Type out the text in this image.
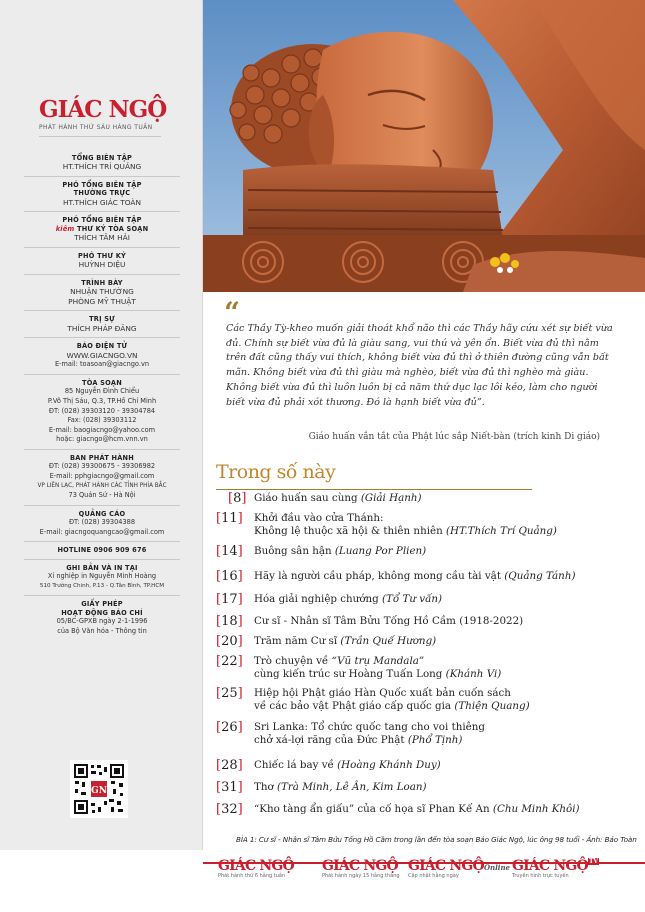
GIÁC NGỘ
PHÁT HÀNH THỨ SÁU HÀNG TUẦN
TỔNG BIÊN TẬP
HT.THÍCH TRÍ QUẢNG
PHÓ TỔNG BIÊN TẬP
THƯỜNG TRỰC
HT.THÍCH GIÁC TOÀN
PHÓ TỔNG BIÊN TẬP
kiêm THƯ KÝ TÒA SOẠN
THÍCH TÂM HẢI
PHÓ THƯ KÝ
HUỲNH DIỆU
TRÌNH BÀY
NHUẬN THƯỜNG
PHÒNG MỸ THUẬT
TRỊ SỰ
THÍCH PHÁP ĐĂNG
BÁO ĐIỆN TỬ
WWW.GIACNGO.VN
E-mail: toasoan@giacngo.vn
TÒA SOẠN
85 Nguyễn Đình Chiểu
P.Võ Thị Sáu, Q.3, TP.Hồ Chí Minh
ĐT: (028) 39303120 - 39304784
Fax: (028) 39303112
E-mail: baogiacngo@yahoo.com
hoặc: giacngo@hcm.vnn.vn
BAN PHÁT HÀNH
ĐT: (028) 39300675 - 39306982
E-mail: pphgiacngo@gmail.com
VP LIÊN LẠC, PHÁT HÀNH CÁC TỈNH PHÍA BẮC
73 Quán Sứ - Hà Nội
QUẢNG CÁO
ĐT: (028) 39304388
E-mail: giacngoquangcao@gmail.com
HOTLINE 0906 909 676
GHI BẢN VÀ IN TẠI
Xí nghiệp in Nguyễn Minh Hoàng
510 Trường Chinh, P.13 - Q.Tân Bình, TP.HCM
GIẤY PHÉP
HOẠT ĐỘNG BÁO CHÍ
05/BC-GPXB ngày 2-1-1996
của Bộ Văn hóa - Thông tin
GN
“

Các Thầy Tỳ-kheo muốn giải thoát khổ não thì các Thầy hãy cứu xét sự biết vừa đủ. Chính sự biết vừa đủ là giàu sang, vui thú và yên ổn. Biết vừa đủ thì nằm trên đất cũng thấy vui thích, không biết vừa đủ thì ở thiên đường cũng vẫn bất mãn. Không biết vừa đủ thì giàu mà nghèo, biết vừa đủ thì nghèo mà giàu. Không biết vừa đủ thì luôn luôn bị cả năm thứ dục lạc lôi kéo, làm cho người biết vừa đủ phải xót thương. Đó là hạnh biết vừa đủ”.

Giáo huấn vắn tắt của Phật lúc sắp Niết-bàn (trích kinh Di giáo)
Trong số này
[8] Giáo huấn sau cùng (Giải Hạnh)
[11]	Khởi đầu vào cửa Thánh:
Không lệ thuộc xã hội & thiên nhiên (HT.Thích Trí Quảng)
[14]	Buông sân hận (Luang Por Plien)
[16]	Hãy là người cầu pháp, không mong cầu tài vật (Quảng Tánh)
[17]	Hóa giải nghiệp chướng (Tổ Tư vấn)
[18]	Cư sĩ - Nhân sĩ Tâm Bửu Tống Hồ Cầm (1918-2022)
[20]	Trăm năm Cư sĩ (Trần Quế Hương)
[22]	Trò chuyện về “Vũ trụ Mandala”
cùng kiến trúc sư Hoàng Tuấn Long (Khánh Vi)
[25]	Hiệp hội Phật giáo Hàn Quốc xuất bản cuốn sách
về các bảo vật Phật giáo cấp quốc gia (Thiện Quang)
[26]	Sri Lanka: Tổ chức quốc tang cho voi thiêng
chở xá-lợi răng của Đức Phật (Phổ Tịnh)
[28]	Chiếc lá bay về (Hoàng Khánh Duy)
[31]	Thơ (Trà Minh, Lê Ân, Kim Loan)
[32]	“Kho tàng ẩn giấu” của cố họa sĩ Phan Kế An (Chu Minh Khôi)
BÌA 1: Cư sĩ - Nhân sĩ Tâm Bửu Tống Hồ Cầm trong lần đến tòa soạn Báo Giác Ngộ, lúc ông 98 tuổi - Ảnh: Bảo Toàn
GIÁC NGỘ
Phát hành thứ 6 hằng tuần
GIÁC NGỘ
Phát hành ngày 15 hằng tháng
GIÁC NGỘOnline
Cập nhật hằng ngày
GIÁC NGỘ$^{TV}$
Truyền hình trực tuyến
